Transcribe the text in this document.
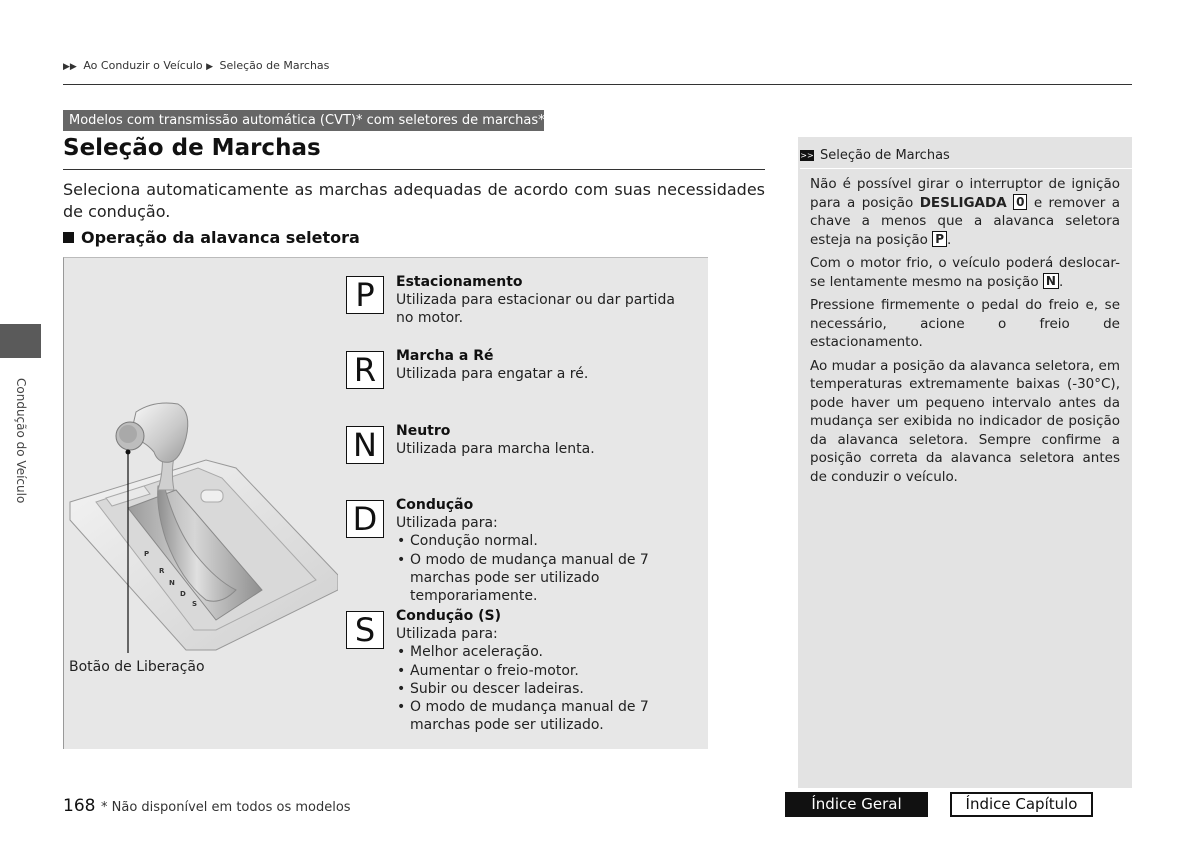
▶▶ Ao Conduzir o Veículo ▶ Seleção de Marchas
Condução do Veículo
Modelos com transmissão automática (CVT)* com seletores de marchas*
Seleção de Marchas
Seleciona automaticamente as marchas adequadas de acordo com suas necessidades de condução.
Operação da alavanca seletora
P
R
N
D
S
Botão de Liberação
P	Estacionamento
Utilizada para estacionar ou dar partida no motor.
R	Marcha a Ré
Utilizada para engatar a ré.
N	Neutro
Utilizada para marcha lenta.
D	Condução
Utilizada para:
• Condução normal.
• O modo de mudança manual de 7 marchas pode ser utilizado temporariamente.
S	Condução (S)
Utilizada para:
• Melhor aceleração.
• Aumentar o freio-motor.
• Subir ou descer ladeiras.
• O modo de mudança manual de 7 marchas pode ser utilizado.
>> Seleção de Marchas

Não é possível girar o interruptor de ignição para a posição DESLIGADA 0 e remover a chave a menos que a alavanca seletora esteja na posição P .

Com o motor frio, o veículo poderá deslocar-se lentamente mesmo na posição N .

Pressione firmemente o pedal do freio e, se necessário, acione o freio de estacionamento.

Ao mudar a posição da alavanca seletora, em temperaturas extremamente baixas (-30°C), pode haver um pequeno intervalo antes da mudança ser exibida no indicador de posição da alavanca seletora. Sempre confirme a posição correta da alavanca seletora antes de conduzir o veículo.

168 * Não disponível em todos os modelos	Índice Geral	Índice Capítulo
